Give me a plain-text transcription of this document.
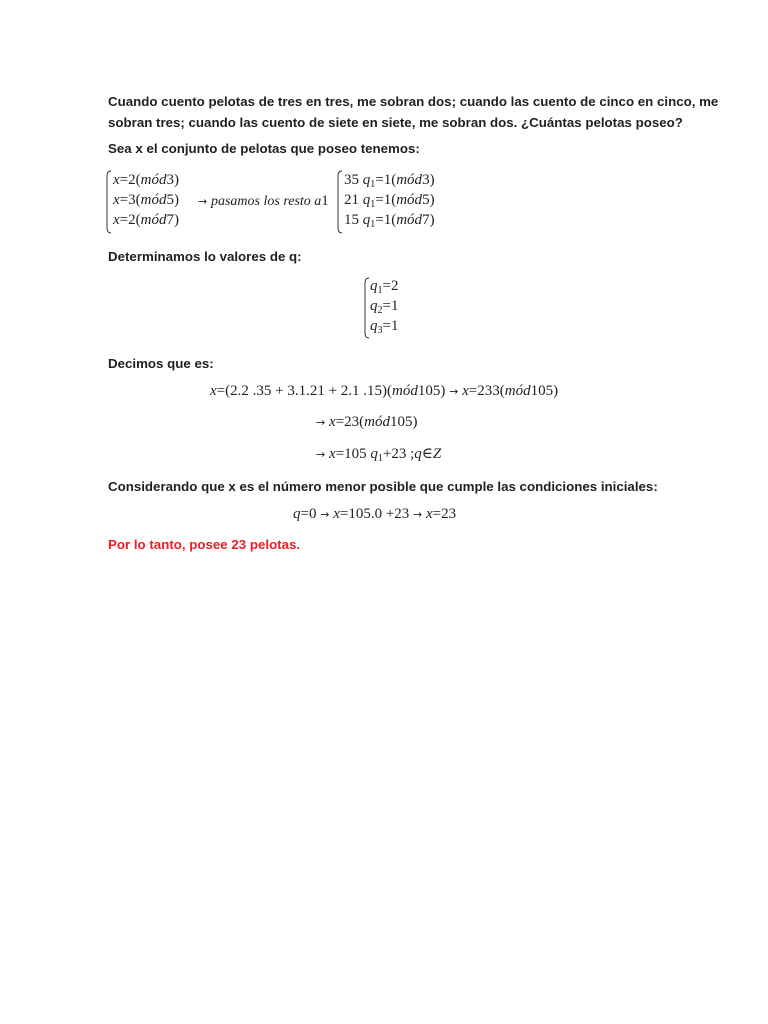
Cuando cuento pelotas de tres en tres, me sobran dos; cuando las cuento de cinco en cinco, me
sobran tres; cuando las cuento de siete en siete, me sobran dos. ¿Cuántas pelotas poseo?
Sea x el conjunto de pelotas que poseo tenemos:
x=2(mód3)
x=3(mód5)
x=2(mód7)
→ pasamos los resto a1
35 $q_1=1(mód3)$
21 $q_1=1(mód5)$
15 $q_1=1(mód7)$
Determinamos lo valores de q:
$q_1=2$
$q_2=1$
$q_3=1$
Decimos que es:
x=(2.2 .35 + 3.1.21 + 2.1 .15)(mód105) → x=233(mód105)
→ x=23(mód105)
→ x=105 $q_1+23$ ;q∈Z
Considerando que x es el número menor posible que cumple las condiciones iniciales:
q=0 → x=105.0 +23 → x=23
Por lo tanto, posee 23 pelotas.
